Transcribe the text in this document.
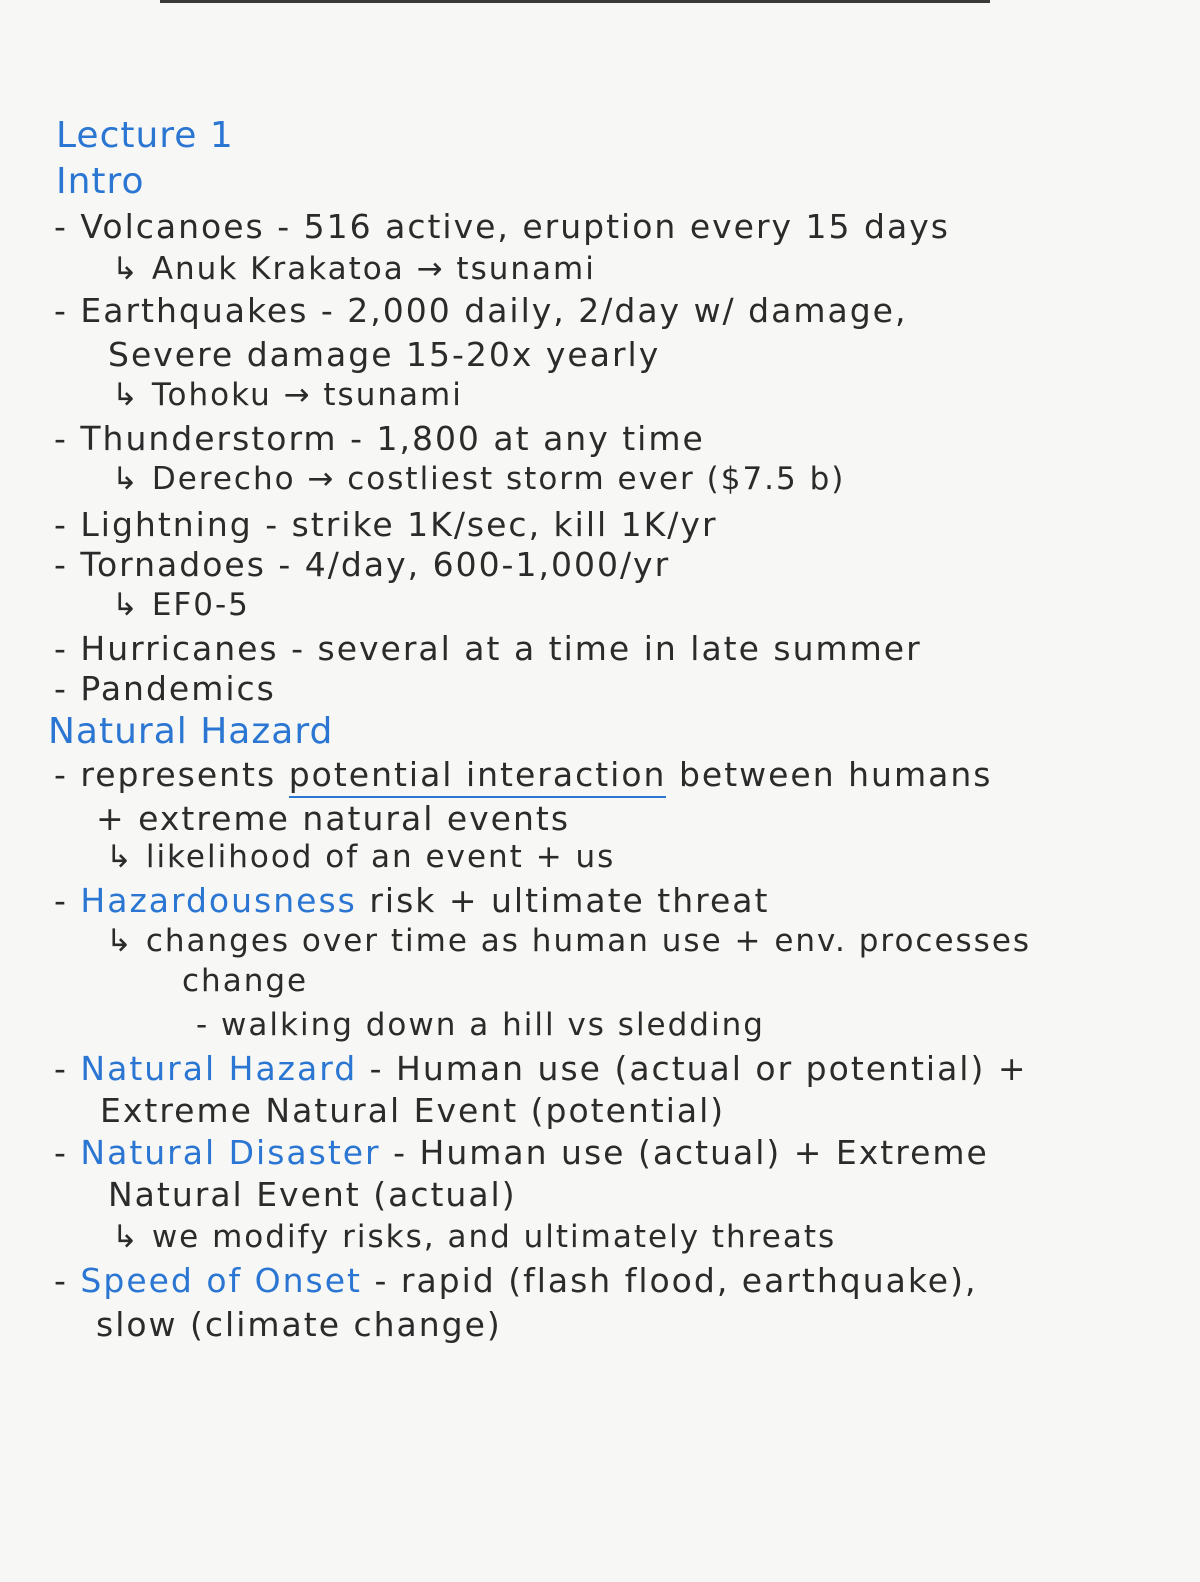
Lecture 1
Intro
- Volcanoes - 516 active, eruption every 15 days
↳ Anuk Krakatoa → tsunami
- Earthquakes - 2,000 daily, 2/day w/ damage,
Severe damage 15-20x yearly
↳ Tohoku → tsunami
- Thunderstorm - 1,800 at any time
↳ Derecho → costliest storm ever ($7.5 b)
- Lightning - strike 1K/sec, kill 1K/yr
- Tornadoes - 4/day, 600-1,000/yr
↳ EF0-5
- Hurricanes - several at a time in late summer
- Pandemics
Natural Hazard
- represents potential interaction between humans
+ extreme natural events
↳ likelihood of an event + us
- Hazardousness risk + ultimate threat
↳ changes over time as human use + env. processes
change
- walking down a hill vs sledding
- Natural Hazard - Human use (actual or potential) +
Extreme Natural Event (potential)
- Natural Disaster - Human use (actual) + Extreme
Natural Event (actual)
↳ we modify risks, and ultimately threats
- Speed of Onset - rapid (flash flood, earthquake),
slow (climate change)
